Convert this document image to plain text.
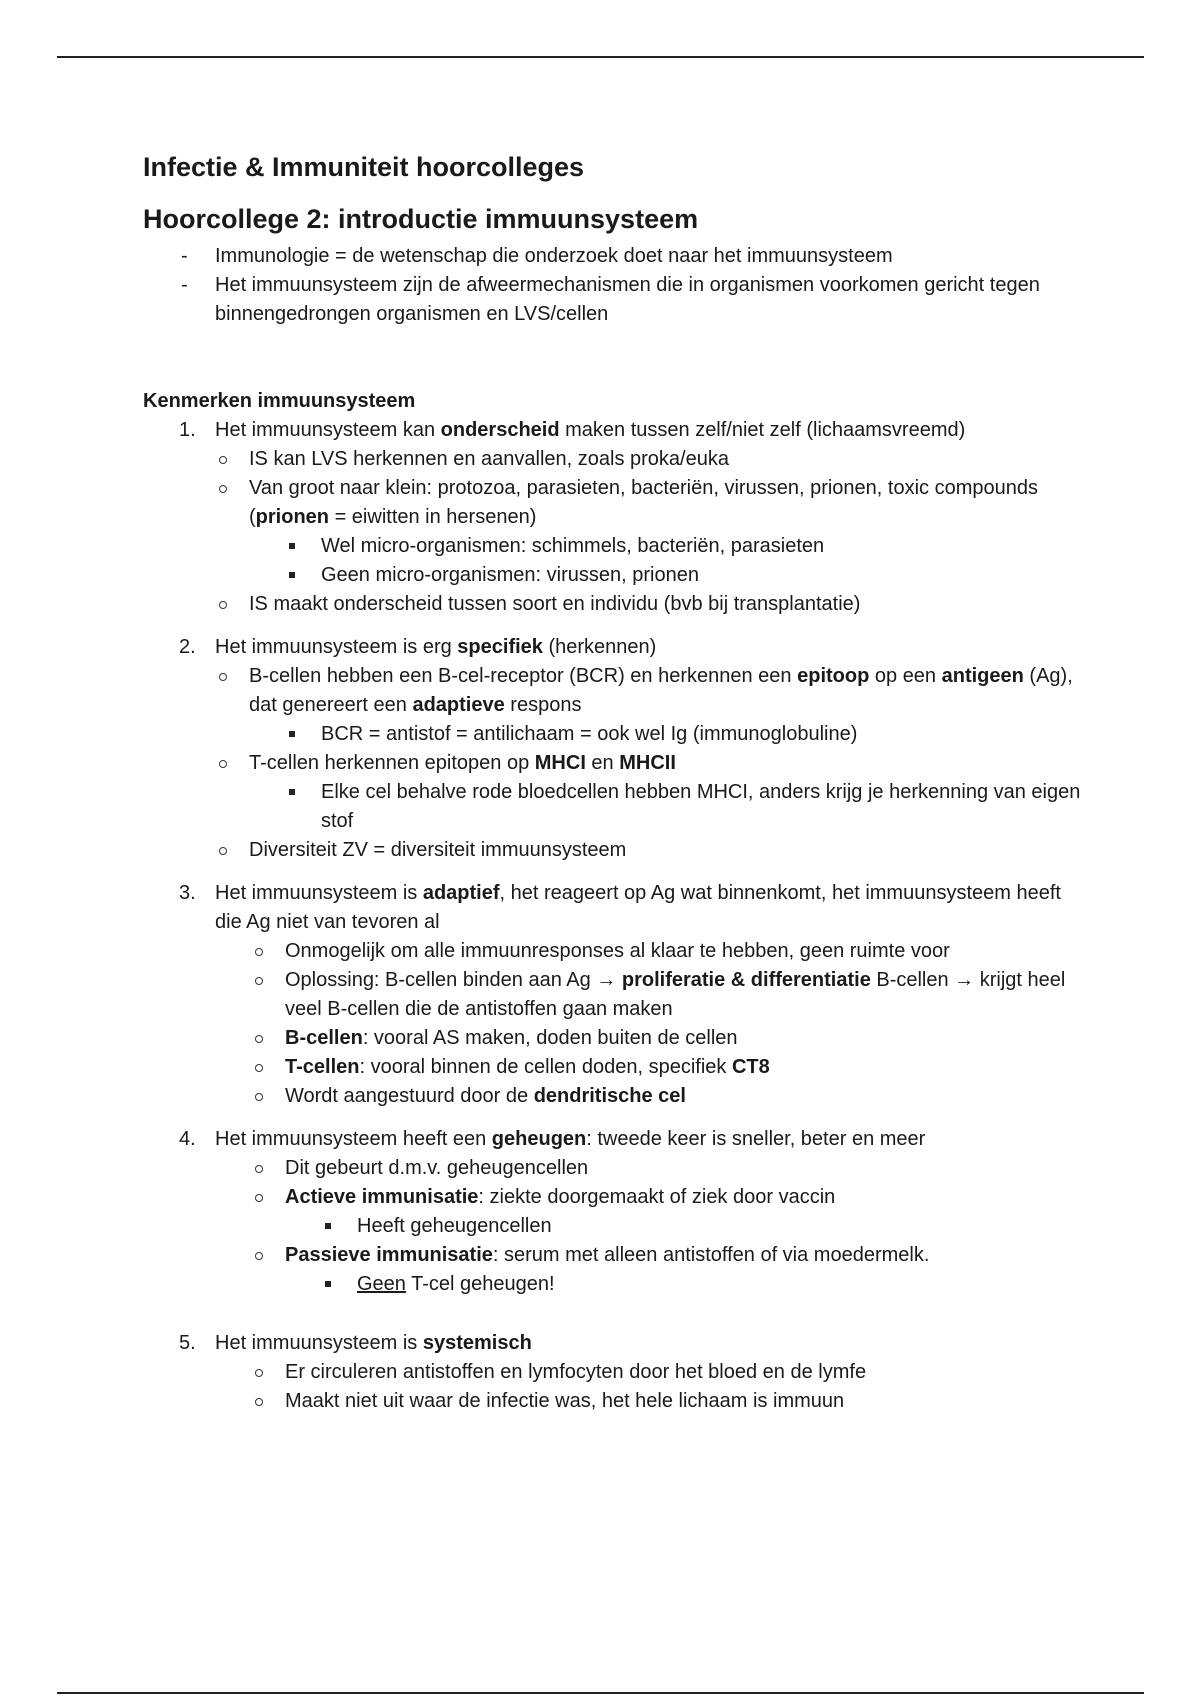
Infectie & Immuniteit hoorcolleges
Hoorcollege 2: introductie immuunsysteem
- Immunologie = de wetenschap die onderzoek doet naar het immuunsysteem
- Het immuunsysteem zijn de afweermechanismen die in organismen voorkomen gericht tegen binnengedrongen organismen en LVS/cellen
Kenmerken immuunsysteem
1. Het immuunsysteem kan onderscheid maken tussen zelf/niet zelf (lichaamsvreemd)
IS kan LVS herkennen en aanvallen, zoals proka/euka
Van groot naar klein: protozoa, parasieten, bacteriën, virussen, prionen, toxic compounds (prionen = eiwitten in hersenen)
Wel micro-organismen: schimmels, bacteriën, parasieten
Geen micro-organismen: virussen, prionen
IS maakt onderscheid tussen soort en individu (bvb bij transplantatie)
2. Het immuunsysteem is erg specifiek (herkennen)
B-cellen hebben een B-cel-receptor (BCR) en herkennen een epitoop op een antigeen (Ag), dat genereert een adaptieve respons
BCR = antistof = antilichaam = ook wel Ig (immunoglobuline)
T-cellen herkennen epitopen op MHCI en MHCII
Elke cel behalve rode bloedcellen hebben MHCI, anders krijg je herkenning van eigen stof
Diversiteit ZV = diversiteit immuunsysteem
3. Het immuunsysteem is adaptief, het reageert op Ag wat binnenkomt, het immuunsysteem heeft die Ag niet van tevoren al
Onmogelijk om alle immuunresponses al klaar te hebben, geen ruimte voor
Oplossing: B-cellen binden aan Ag → proliferatie & differentiatie B-cellen → krijgt heel veel B-cellen die de antistoffen gaan maken
B-cellen: vooral AS maken, doden buiten de cellen
T-cellen: vooral binnen de cellen doden, specifiek CT8
Wordt aangestuurd door de dendritische cel
4. Het immuunsysteem heeft een geheugen: tweede keer is sneller, beter en meer
Dit gebeurt d.m.v. geheugencellen
Actieve immunisatie: ziekte doorgemaakt of ziek door vaccin
Heeft geheugencellen
Passieve immunisatie: serum met alleen antistoffen of via moedermelk.
Geen T-cel geheugen!
5. Het immuunsysteem is systemisch
Er circuleren antistoffen en lymfocyten door het bloed en de lymfe
Maakt niet uit waar de infectie was, het hele lichaam is immuun
